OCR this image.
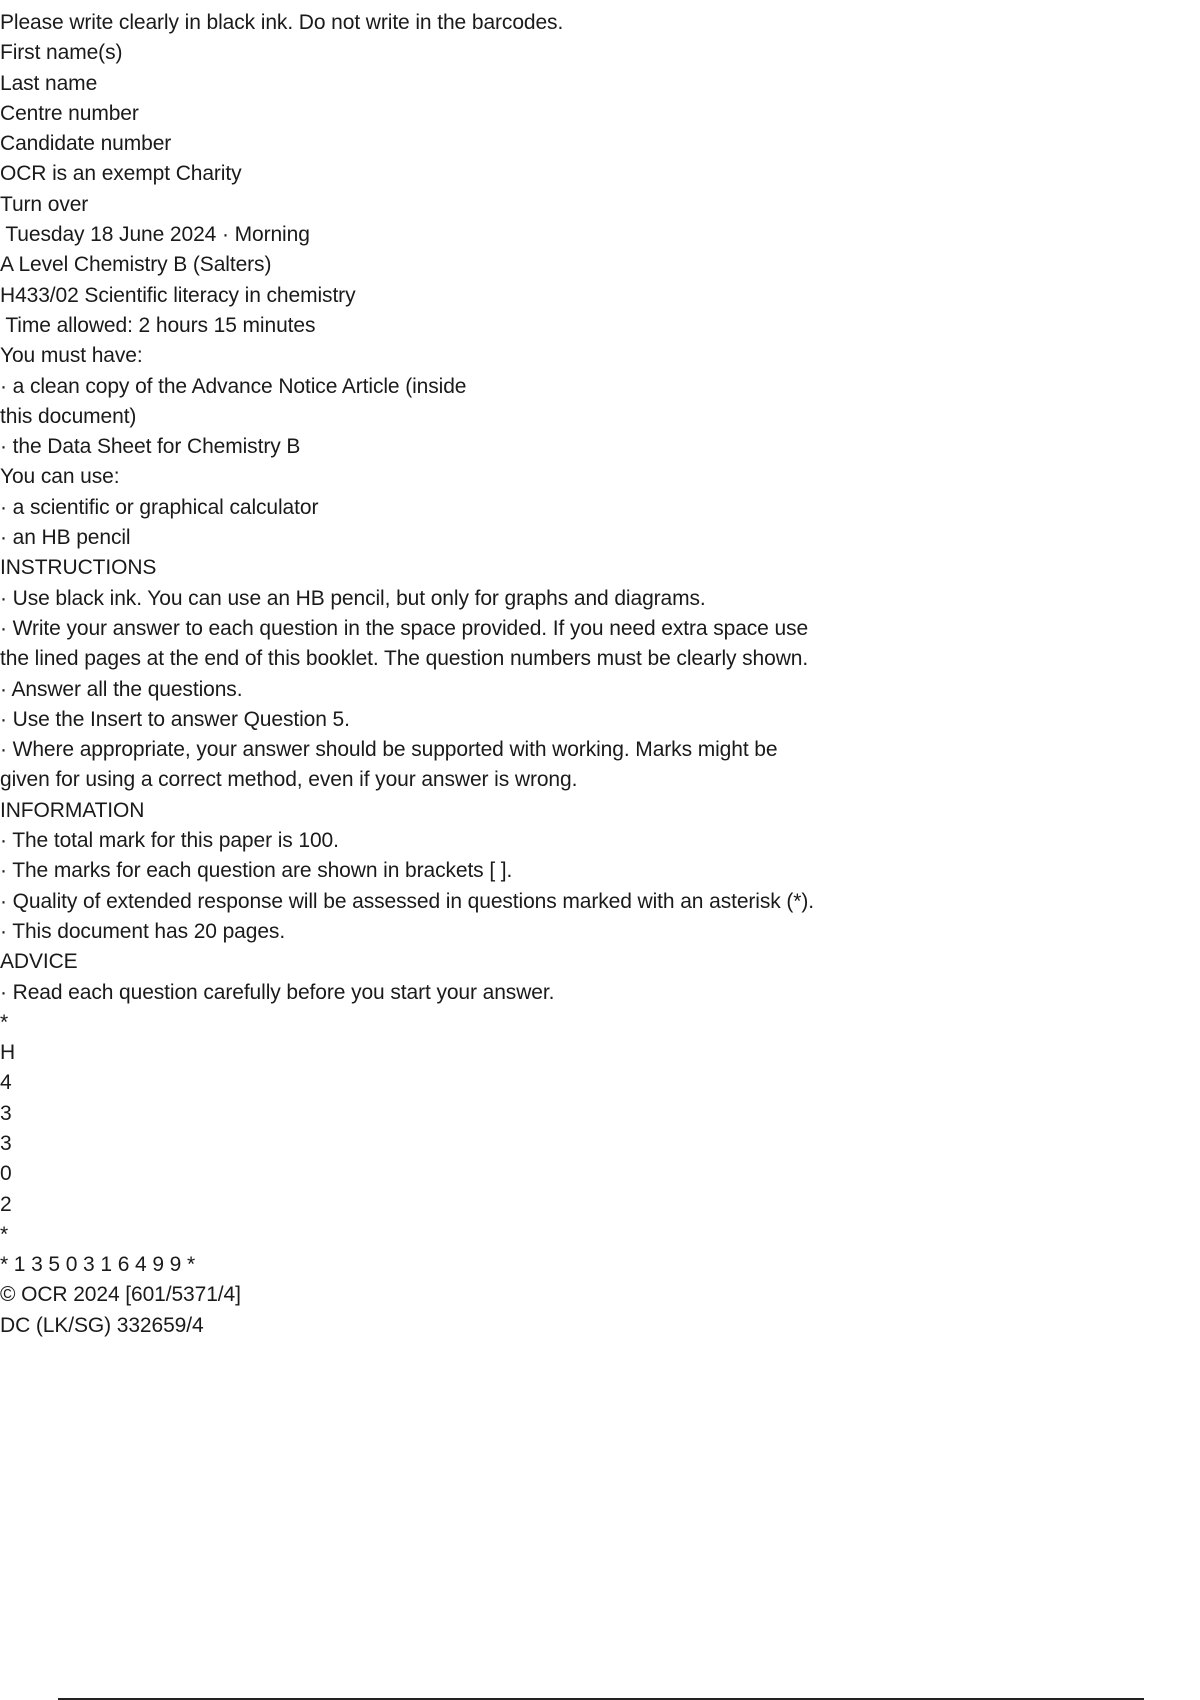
Please write clearly in black ink. Do not write in the barcodes.
First name(s)
Last name
Centre number
Candidate number
OCR is an exempt Charity
Turn over
Tuesday 18 June 2024 · Morning
A Level Chemistry B (Salters)
H433/02 Scientific literacy in chemistry
Time allowed: 2 hours 15 minutes
You must have:
· a clean copy of the Advance Notice Article (inside
this document)
· the Data Sheet for Chemistry B
You can use:
· a scientific or graphical calculator
· an HB pencil
INSTRUCTIONS
· Use black ink. You can use an HB pencil, but only for graphs and diagrams.
· Write your answer to each question in the space provided. If you need extra space use
the lined pages at the end of this booklet. The question numbers must be clearly shown.
· Answer all the questions.
· Use the Insert to answer Question 5.
· Where appropriate, your answer should be supported with working. Marks might be
given for using a correct method, even if your answer is wrong.
INFORMATION
· The total mark for this paper is 100.
· The marks for each question are shown in brackets [ ].
· Quality of extended response will be assessed in questions marked with an asterisk (*).
· This document has 20 pages.
ADVICE
· Read each question carefully before you start your answer.
*
H
4
3
3
0
2
*
* 1 3 5 0 3 1 6 4 9 9 *
© OCR 2024 [601/5371/4]
DC (LK/SG) 332659/4
